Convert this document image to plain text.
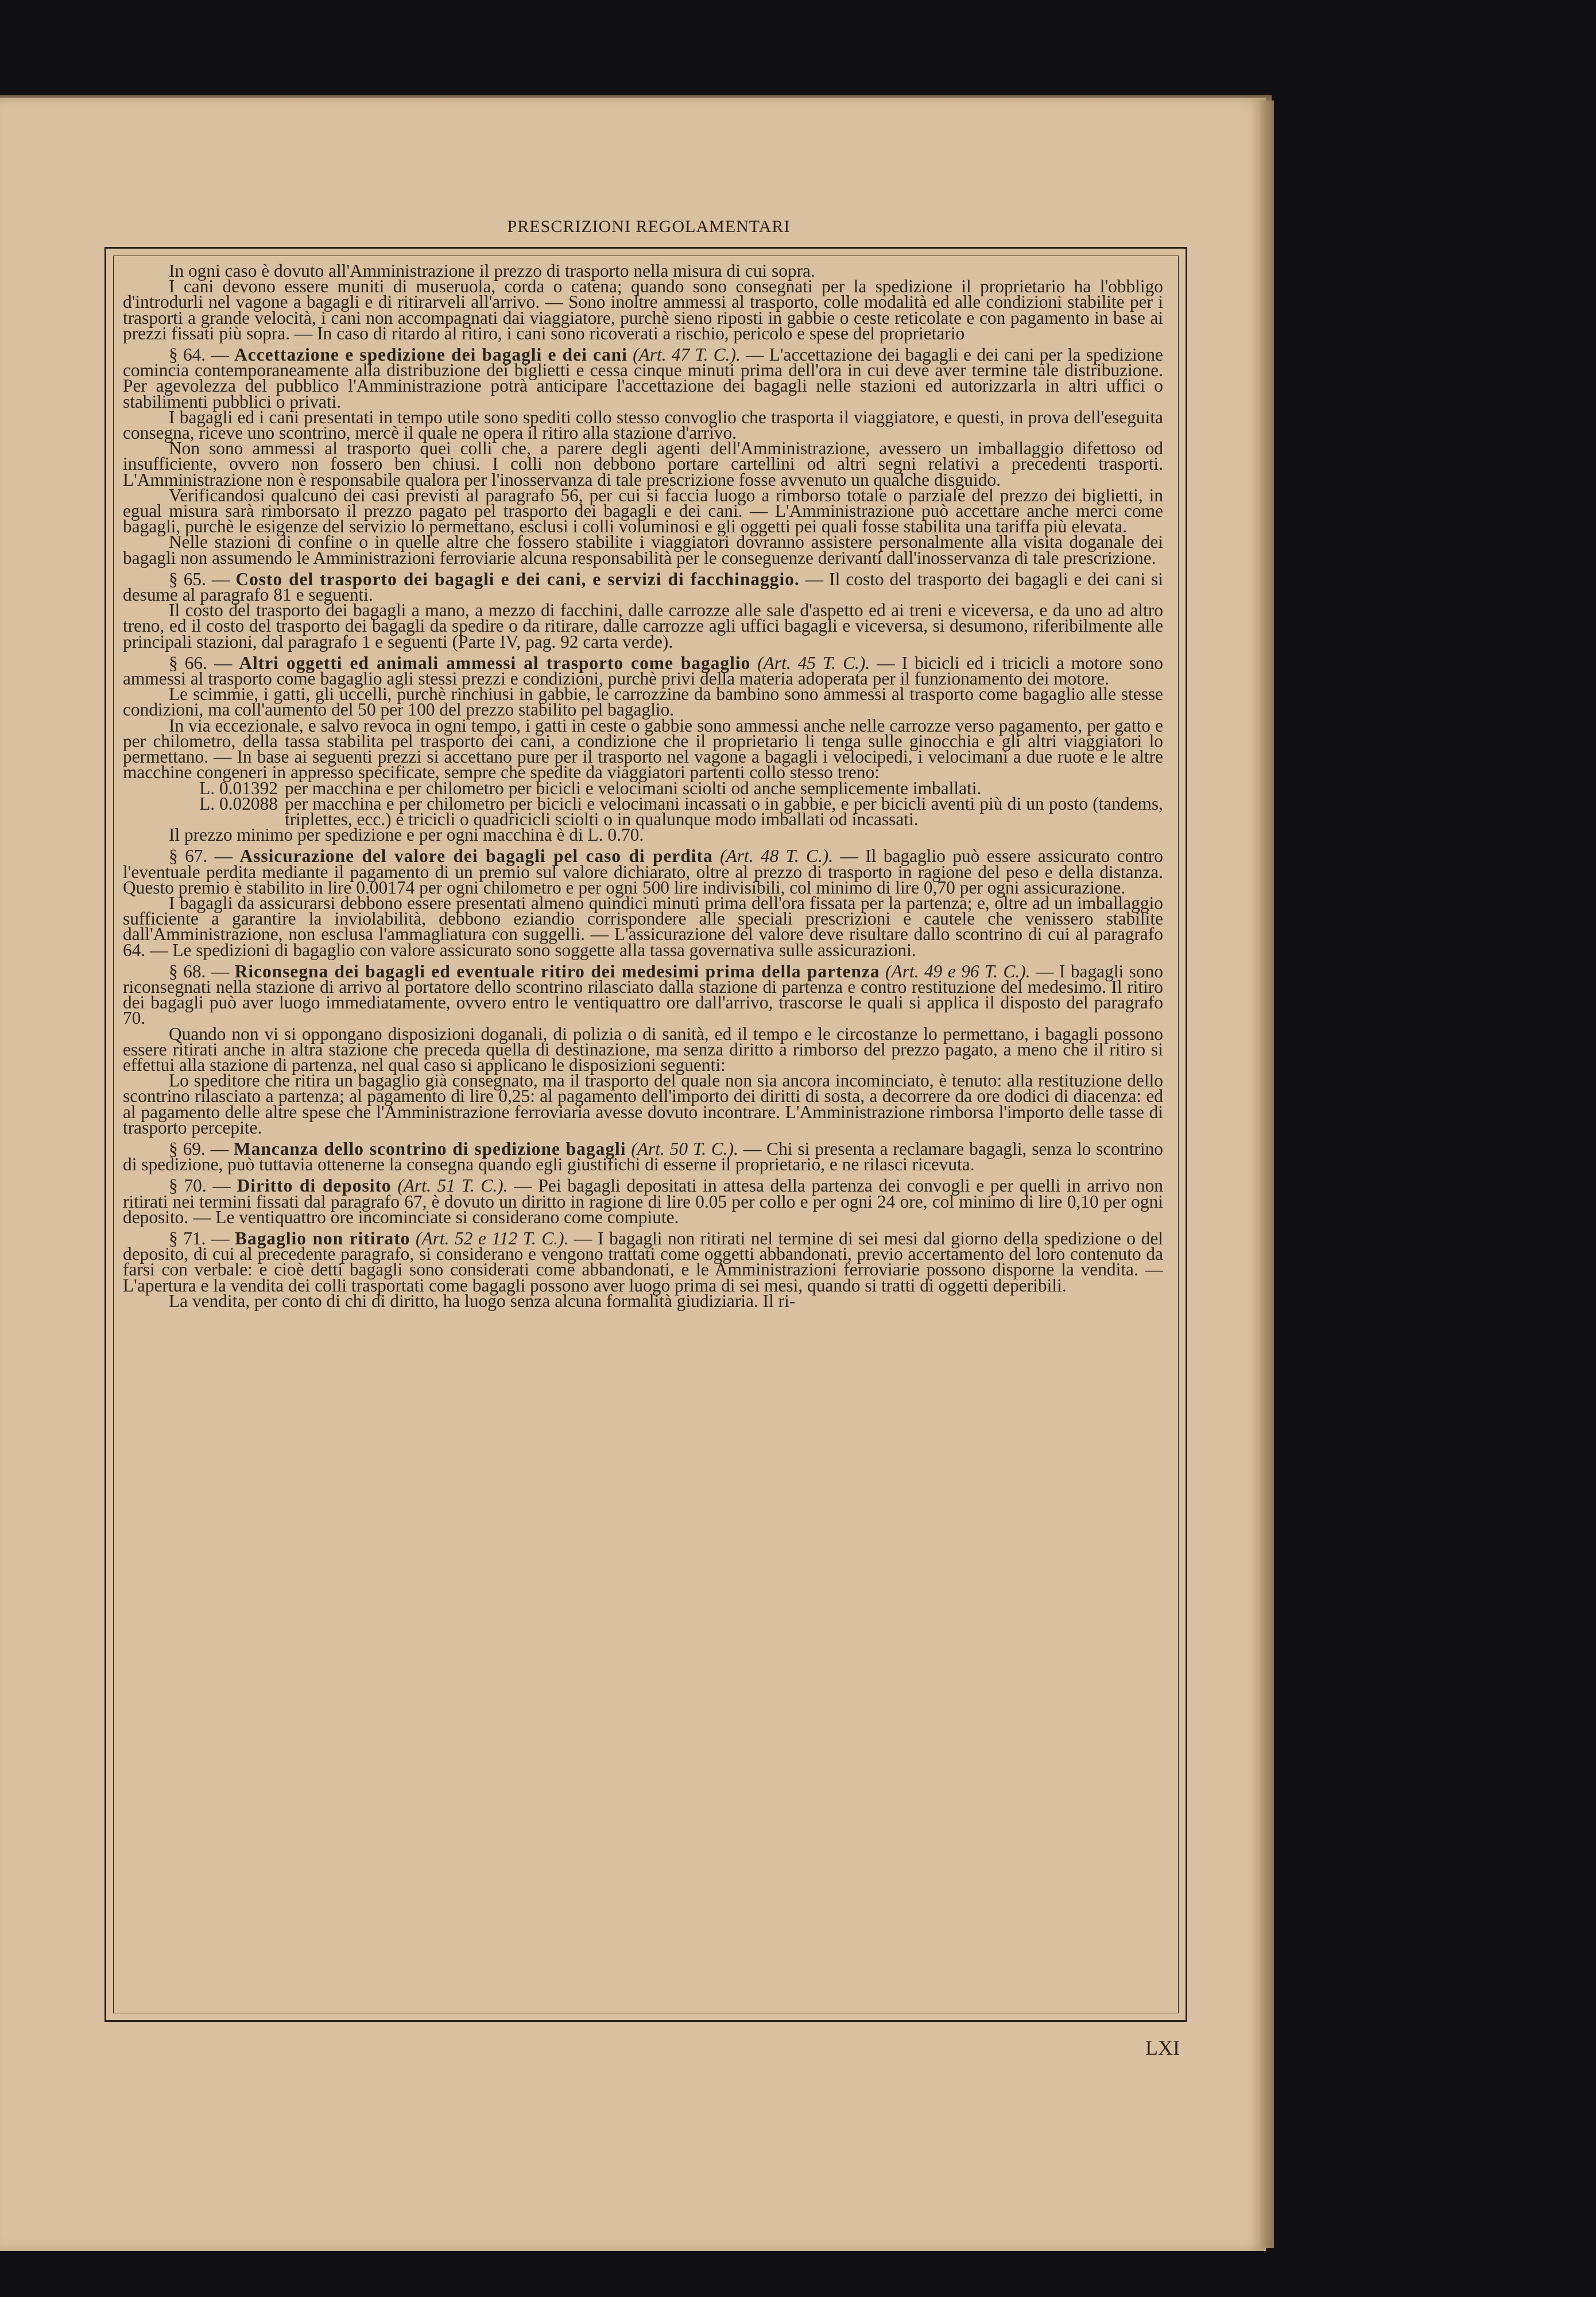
PRESCRIZIONI REGOLAMENTARI

In ogni caso è dovuto all'Amministrazione il prezzo di trasporto nella misura di cui sopra.

I cani devono essere muniti di museruola, corda o catena; quando sono consegnati per la spedizione il proprietario ha l'obbligo d'introdurli nel vagone a bagagli e di ritirarveli all'arrivo. — Sono inoltre ammessi al trasporto, colle modalità ed alle condizioni stabilite per i trasporti a grande velocità, i cani non accompagnati dai viaggiatore, purchè sieno riposti in gabbie o ceste reticolate e con pagamento in base ai prezzi fissati più sopra. — In caso di ritardo al ritiro, i cani sono ricoverati a rischio, pericolo e spese del proprietario

§ 64. — Accettazione e spedizione dei bagagli e dei cani (Art. 47 T. C.). — L'accettazione dei bagagli e dei cani per la spedizione comincia contemporaneamente alla distribuzione dei biglietti e cessa cinque minuti prima dell'ora in cui deve aver termine tale distribuzione. Per agevolezza del pubblico l'Amministrazione potrà anticipare l'accettazione dei bagagli nelle stazioni ed autorizzarla in altri uffici o stabilimenti pubblici o privati.

I bagagli ed i cani presentati in tempo utile sono spediti collo stesso convoglio che trasporta il viaggiatore, e questi, in prova dell'eseguita consegna, riceve uno scontrino, mercè il quale ne opera il ritiro alla stazione d'arrivo.

Non sono ammessi al trasporto quei colli che, a parere degli agenti dell'Amministrazione, avessero un imballaggio difettoso od insufficiente, ovvero non fossero ben chiusi. I colli non debbono portare cartellini od altri segni relativi a precedenti trasporti. L'Amministrazione non è responsabile qualora per l'inosservanza di tale prescrizione fosse avvenuto un qualche disguido.

Verificandosi qualcuno dei casi previsti al paragrafo 56, per cui si faccia luogo a rimborso totale o parziale del prezzo dei biglietti, in egual misura sarà rimborsato il prezzo pagato pel trasporto dei bagagli e dei cani. — L'Amministrazione può accettare anche merci come bagagli, purchè le esigenze del servizio lo permettano, esclusi i colli voluminosi e gli oggetti pei quali fosse stabilita una tariffa più elevata.

Nelle stazioni di confine o in quelle altre che fossero stabilite i viaggiatori dovranno assistere personalmente alla visita doganale dei bagagli non assumendo le Amministrazioni ferroviarie alcuna responsabilità per le conseguenze derivanti dall'inosservanza di tale prescrizione.

§ 65. — Costo del trasporto dei bagagli e dei cani, e servizi di facchinaggio. — Il costo del trasporto dei bagagli e dei cani si desume al paragrafo 81 e seguenti.

Il costo del trasporto dei bagagli a mano, a mezzo di facchini, dalle carrozze alle sale d'aspetto ed ai treni e viceversa, e da uno ad altro treno, ed il costo del trasporto dei bagagli da spedire o da ritirare, dalle carrozze agli uffici bagagli e viceversa, si desumono, riferibilmente alle principali stazioni, dal paragrafo 1 e seguenti (Parte IV, pag. 92 carta verde).

§ 66. — Altri oggetti ed animali ammessi al trasporto come bagaglio (Art. 45 T. C.). — I bicicli ed i tricicli a motore sono ammessi al trasporto come bagaglio agli stessi prezzi e condizioni, purchè privi della materia adoperata per il funzionamento dei motore.

Le scimmie, i gatti, gli uccelli, purchè rinchiusi in gabbie, le carrozzine da bambino sono ammessi al trasporto come bagaglio alle stesse condizioni, ma coll'aumento del 50 per 100 del prezzo stabilito pel bagaglio.

In via eccezionale, e salvo revoca in ogni tempo, i gatti in ceste o gabbie sono ammessi anche nelle carrozze verso pagamento, per gatto e per chilometro, della tassa stabilita pel trasporto dei cani, a condizione che il proprietario li tenga sulle ginocchia e gli altri viaggiatori lo permettano. — In base ai seguenti prezzi si accettano pure per il trasporto nel vagone a bagagli i velocipedi, i velocimani a due ruote e le altre macchine congeneri in appresso specificate, sempre che spedite da viaggiatori partenti collo stesso treno:

L. 0.01392 per macchina e per chilometro per bicicli e velocimani sciolti od anche semplicemente imballati.
L. 0.02088 per macchina e per chilometro per bicicli e velocimani incassati o in gabbie, e per bicicli aventi più di un posto (tandems, triplettes, ecc.) e tricicli o quadricicli sciolti o in qualunque modo imballati od incassati.

Il prezzo minimo per spedizione e per ogni macchina è di L. 0.70.

§ 67. — Assicurazione del valore dei bagagli pel caso di perdita (Art. 48 T. C.). — Il bagaglio può essere assicurato contro l'eventuale perdita mediante il pagamento di un premio sul valore dichiarato, oltre al prezzo di trasporto in ragione del peso e della distanza. Questo premio è stabilito in lire 0.00174 per ogni chilometro e per ogni 500 lire indivisibili, col minimo di lire 0,70 per ogni assicurazione.

I bagagli da assicurarsi debbono essere presentati almeno quindici minuti prima dell'ora fissata per la partenza; e, oltre ad un imballaggio sufficiente a garantire la inviolabilità, debbono eziandio corrispondere alle speciali prescrizioni e cautele che venissero stabilite dall'Amministrazione, non esclusa l'ammagliatura con suggelli. — L'assicurazione del valore deve risultare dallo scontrino di cui al paragrafo 64. — Le spedizioni di bagaglio con valore assicurato sono soggette alla tassa governativa sulle assicurazioni.

§ 68. — Riconsegna dei bagagli ed eventuale ritiro dei medesimi prima della partenza (Art. 49 e 96 T. C.). — I bagagli sono riconsegnati nella stazione di arrivo al portatore dello scontrino rilasciato dalla stazione di partenza e contro restituzione del medesimo. Il ritiro dei bagagli può aver luogo immediatamente, ovvero entro le ventiquattro ore dall'arrivo, trascorse le quali si applica il disposto del paragrafo 70.

Quando non vi si oppongano disposizioni doganali, di polizia o di sanità, ed il tempo e le circostanze lo permettano, i bagagli possono essere ritirati anche in altra stazione che preceda quella di destinazione, ma senza diritto a rimborso del prezzo pagato, a meno che il ritiro si effettui alla stazione di partenza, nel qual caso si applicano le disposizioni seguenti:

Lo speditore che ritira un bagaglio già consegnato, ma il trasporto del quale non sia ancora incominciato, è tenuto: alla restituzione dello scontrino rilasciato a partenza; al pagamento di lire 0,25: al pagamento dell'importo dei diritti di sosta, a decorrere da ore dodici di diacenza: ed al pagamento delle altre spese che l'Amministrazione ferroviaria avesse dovuto incontrare. L'Amministrazione rimborsa l'importo delle tasse di trasporto percepite.

§ 69. — Mancanza dello scontrino di spedizione bagagli (Art. 50 T. C.). — Chi si presenta a reclamare bagagli, senza lo scontrino di spedizione, può tuttavia ottenerne la consegna quando egli giustifichi di esserne il proprietario, e ne rilasci ricevuta.

§ 70. — Diritto di deposito (Art. 51 T. C.). — Pei bagagli depositati in attesa della partenza dei convogli e per quelli in arrivo non ritirati nei termini fissati dal paragrafo 67, è dovuto un diritto in ragione di lire 0.05 per collo e per ogni 24 ore, col minimo di lire 0,10 per ogni deposito. — Le ventiquattro ore incominciate si considerano come compiute.

§ 71. — Bagaglio non ritirato (Art. 52 e 112 T. C.). — I bagagli non ritirati nel termine di sei mesi dal giorno della spedizione o del deposito, di cui al precedente paragrafo, si considerano e vengono trattati come oggetti abbandonati, previo accertamento del loro contenuto da farsi con verbale: e cioè detti bagagli sono considerati come abbandonati, e le Amministrazioni ferroviarie possono disporne la vendita. — L'apertura e la vendita dei colli trasportati come bagagli possono aver luogo prima di sei mesi, quando si tratti di oggetti deperibili.

La vendita, per conto di chi di diritto, ha luogo senza alcuna formalità giudiziaria. Il ri-

LXI
